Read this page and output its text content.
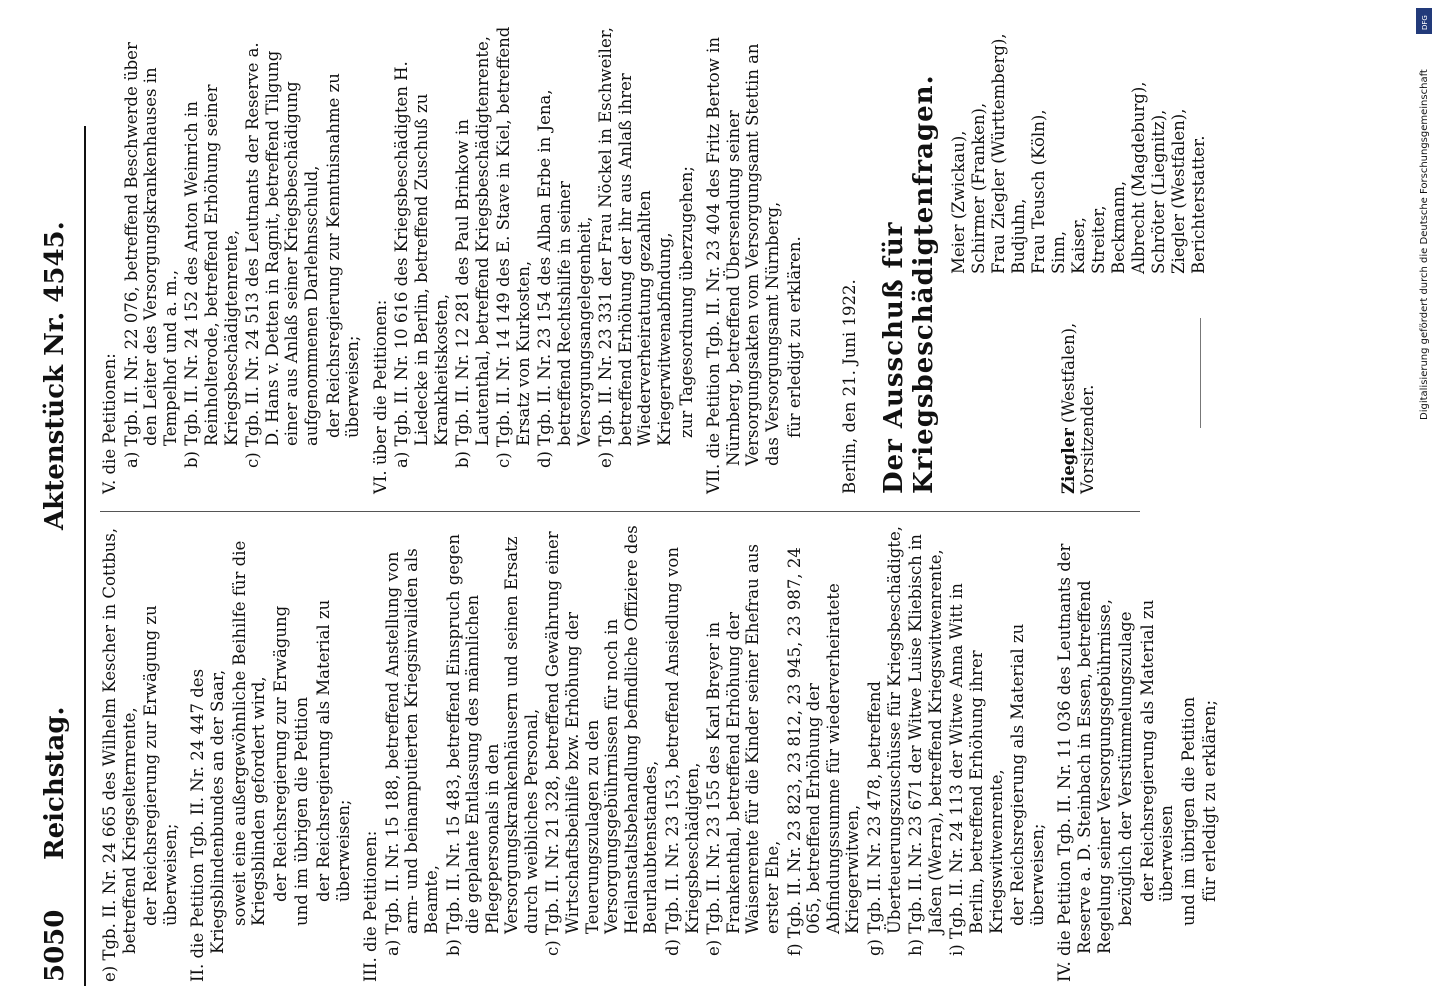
5050
Reichstag.
Aktenstück Nr. 4545.

e) Tgb. II. Nr. 24 665 des Wilhelm Kescher in Cottbus, betreffend Kriegselternrente, der Reichsregierung zur Erwägung zu überweisen; II. die Petition Tgb. II. Nr. 24 447 des Kriegsblindenbundes an der Saar, soweit eine außergewöhnliche Beihilfe für die Kriegsblinden gefordert wird, der Reichsregierung zur Erwägung und im übrigen die Petition der Reichsregierung als Material zu überweisen; III. die Petitionen: a) Tgb. II. Nr. 15 188, betreffend Anstellung von arm- und beinamputierten Kriegsinvaliden als Beamte, b) Tgb. II. Nr. 15 483, betreffend Einspruch gegen die geplante Entlassung des männlichen Pflegepersonals in den Versorgungskrankenhäusern und seinen Ersatz durch weibliches Personal, c) Tgb. II. Nr. 21 328, betreffend Gewährung einer Wirtschaftsbeihilfe bzw. Erhöhung der Teuerungszulagen zu den Versorgungsgebührnissen für noch in Heilanstaltsbehandlung befindliche Offiziere des Beurlaubtenstandes, d) Tgb. II. Nr. 23 153, betreffend Ansiedlung von Kriegsbeschädigten, e) Tgb. II. Nr. 23 155 des Karl Breyer in Frankenthal, betreffend Erhöhung der Waisenrente für die Kinder seiner Ehefrau aus erster Ehe, f) Tgb. II. Nr. 23 823, 23 812, 23 945, 23 987, 24 065, betreffend Erhöhung der Abfindungssumme für wiederverheiratete Kriegerwitwen, g) Tgb. II. Nr. 23 478, betreffend Überteuerungszuschüsse für Kriegsbeschädigte, h) Tgb. II. Nr. 23 671 der Witwe Luise Kliebisch in Jaßen (Werra), betreffend Kriegswitwenrente, i) Tgb. II. Nr. 24 113 der Witwe Anna Witt in Berlin, betreffend Erhöhung ihrer Kriegswitwenrente, der Reichsregierung als Material zu überweisen; IV. die Petition Tgb. II. Nr. 11 036 des Leutnants der Reserve a. D. Steinbach in Essen, betreffend Regelung seiner Versorgungsgebührnisse, bezüglich der Verstümmelungszulage der Reichsregierung als Material zu überweisen und im übrigen die Petition für erledigt zu erklären;

V. die Petitionen: a) Tgb. II. Nr. 22 076, betreffend Beschwerde über den Leiter des Versorgungskrankenhauses in Tempelhof und a. m., b) Tgb. II. Nr. 24 152 des Anton Weinrich in Reinholterode, betreffend Erhöhung seiner Kriegsbeschädigtenrente, c) Tgb. II. Nr. 24 513 des Leutnants der Reserve a. D. Hans v. Detten in Ragnit, betreffend Tilgung einer aus Anlaß seiner Kriegsbeschädigung aufgenommenen Darlehnsschuld, der Reichsregierung zur Kenntnisnahme zu überweisen; VI. über die Petitionen: a) Tgb. II. Nr. 10 616 des Kriegsbeschädigten H. Liedecke in Berlin, betreffend Zuschuß zu Krankheitskosten, b) Tgb. II. Nr. 12 281 des Paul Brinkow in Lautenthal, betreffend Kriegsbeschädigtenrente, c) Tgb. II. Nr. 14 149 des E. Stave in Kiel, betreffend Ersatz von Kurkosten, d) Tgb. II. Nr. 23 154 des Alban Erbe in Jena, betreffend Rechtshilfe in seiner Versorgungsangelegenheit, e) Tgb. II. Nr. 23 331 der Frau Nöckel in Eschweiler, betreffend Erhöhung der ihr aus Anlaß ihrer Wiederverheiratung gezahlten Kriegerwitwenabfindung, zur Tagesordnung überzugehen; VII. die Petition Tgb. II. Nr. 23 404 des Fritz Bertow in Nürnberg, betreffend Übersendung seiner Versorgungsakten vom Versorgungsamt Stettin an das Versorgungsamt Nürnberg, für erledigt zu erklären. Berlin, den 21. Juni 1922. Der Ausschuß für Kriegsbeschädigtenfragen.	Ziegler (Westfalen),
Vorsitzender.
Meier (Zwickau), Schirmer (Franken), Frau Ziegler (Württemberg), Budjuhn, Frau Teusch (Köln), Sinn, Kaiser, Streiter, Beckmann, Albrecht (Magdeburg), Schröter (Liegnitz), Ziegler (Westfalen), Berichterstatter.
DFG
Digitalisierung gefördert durch die Deutsche Forschungsgemeinschaft
